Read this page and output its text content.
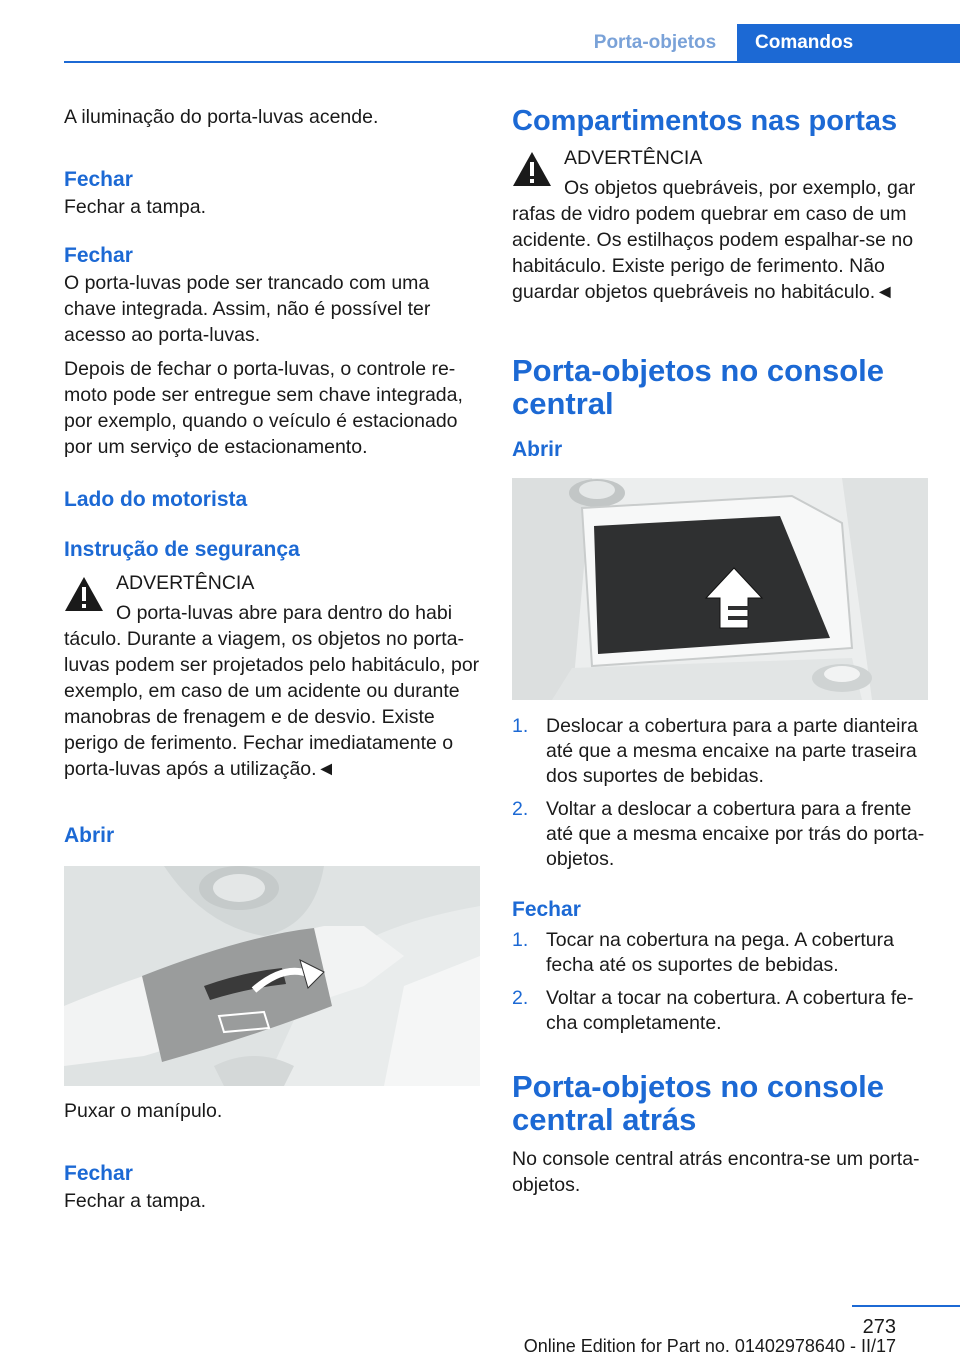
Porta-objetos	Comandos

A iluminação do porta-luvas acende.

Fechar

Fechar a tampa.

Fechar

O porta-luvas pode ser trancado com uma chave integrada. Assim, não é possível ter acesso ao porta-luvas.

Depois de fechar o porta-luvas, o controle remoto pode ser entregue sem chave integrada, por exemplo, quando o veículo é estacionado por um serviço de estacionamento.

Lado do motorista
Instrução de segurança

ADVERTÊNCIA

O porta-luvas abre para dentro do habi

táculo. Durante a viagem, os objetos no porta-luvas podem ser projetados pelo habitáculo, por exemplo, em caso de um acidente ou durante manobras de frenagem e de desvio. Existe perigo de ferimento. Fechar imediatamente o porta-luvas após a utilização.◄

Abrir

Puxar o manípulo.

Fechar

Fechar a tampa.

Compartimentos nas portas

ADVERTÊNCIA

Os objetos quebráveis, por exemplo, gar

rafas de vidro podem quebrar em caso de um acidente. Os estilhaços podem espalhar-se no habitáculo. Existe perigo de ferimento. Não guardar objetos quebráveis no habitáculo.◄

Porta-objetos no console central
Abrir
1. Deslocar a cobertura para a parte dianteira até que a mesma encaixe na parte traseira dos suportes de bebidas.
2. Voltar a deslocar a cobertura para a frente até que a mesma encaixe por trás do porta-objetos.
Fechar
1. Tocar na cobertura na pega. A cobertura fecha até os suportes de bebidas.
2. Voltar a tocar na cobertura. A cobertura fecha completamente.
Porta-objetos no console central atrás

No console central atrás encontra-se um porta-objetos.

273
Online Edition for Part no. 01402978640 - II/17
